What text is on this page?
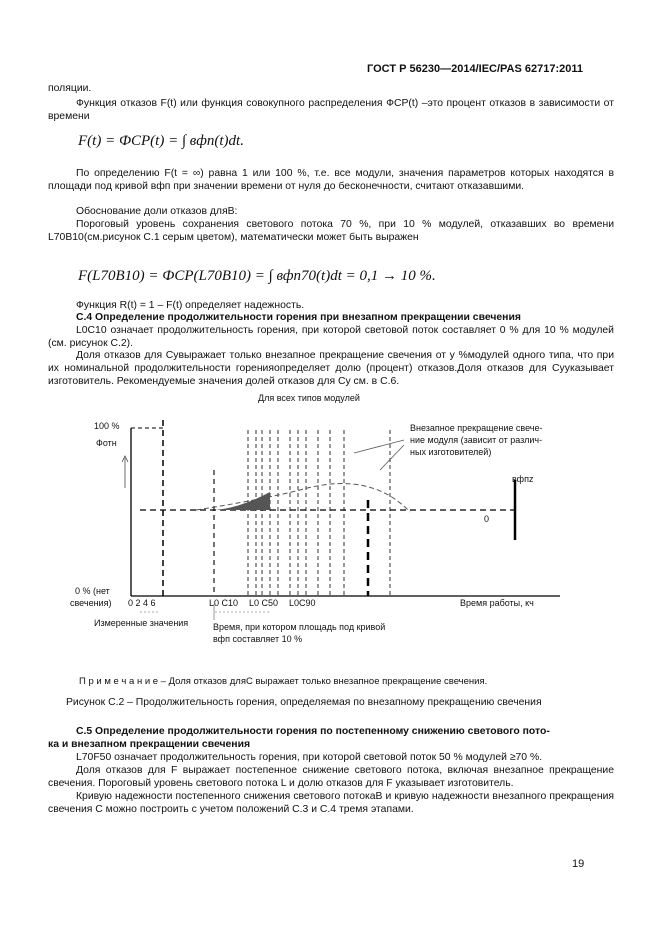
ГОСТ Р 56230—2014/IEC/PAS 62717:2011
поляции.
Функция отказов F(t) или функция совокупного распределения ФСР(t) –это процент отказов в зависимости от времени
F(t) = ФСР(t) = ∫ вфп(t)dt.
По определению F(t = ∞) равна 1 или 100 %, т.е. все модули, значения параметров которых находятся в площади под кривой вфп при значении времени от нуля до бесконечности, считают отказавшими.
Обоснование доли отказов дляB:
Пороговый уровень сохранения светового потока 70 %, при 10 % модулей, отказавших во времени L70B10(см.рисунок С.1 серым цветом), математически может быть выражен
F(L70B10) = ФСР(L70B10) = ∫ вфп70(t)dt = 0,1 → 10 %.
Функция R(t) = 1 – F(t) определяет надежность.
С.4 Определение продолжительности горения при внезапном прекращении свечения
L0C10 означает продолжительность горения, при которой световой поток составляет 0 % для 10 % модулей (см. рисунок С.2).
Доля отказов для Cyвыражает только внезапное прекращение свечения от y %модулей одного типа, что при их номинальной продолжительности горенияопределяет долю (процент) отказов.Доля отказов для Cyуказывает изготовитель. Рекомендуемые значения долей отказов для Cy см. в С.6.
Для всех типов модулей
100 %
Фотн
Внезапное прекращение свече-
ние модуля (зависит от различ-
ных изготовителей)
вфпz
0
0 % (нет
свечения) 0 2 4 6	L0 C10 L0 C50 L0C90	Время работы, кч
Измеренные значения	Время, при котором площадь под кривой
вфп составляет 10 %
П р и м е ч а н и е – Доля отказов дляC выражает только внезапное прекращение свечения.
Рисунок С.2 – Продолжительность горения, определяемая по внезапному прекращению свечения
С.5 Определение продолжительности горения по постепенному снижению светового пото-
ка и внезапном прекращении свечения
L70F50 означает продолжительность горения, при которой световой поток 50 % модулей ≥70 %.
Доля отказов для F выражает постепенное снижение светового потока, включая внезапное прекращение свечения. Пороговый уровень светового потока L и долю отказов для F указывает изготовитель.
Кривую надежности постепенного снижения светового потокаB и кривую надежности внезапного прекращения свечения C можно построить с учетом положений С.3 и С.4 тремя этапами.
19
